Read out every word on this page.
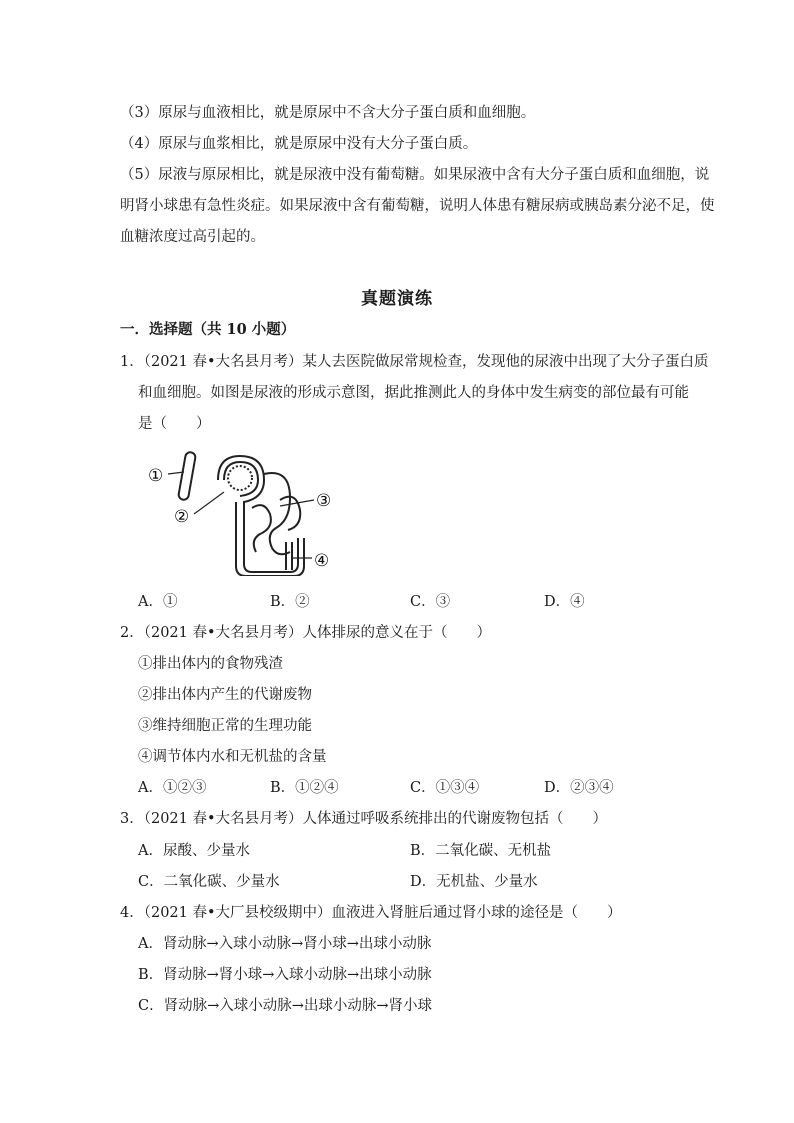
（3）原尿与血液相比，就是原尿中不含大分子蛋白质和血细胞。
（4）原尿与血浆相比，就是原尿中没有大分子蛋白质。
（5）尿液与原尿相比，就是尿液中没有葡萄糖。如果尿液中含有大分子蛋白质和血细胞，说
明肾小球患有急性炎症。如果尿液中含有葡萄糖，说明人体患有糖尿病或胰岛素分泌不足，使
血糖浓度过高引起的。
真题演练
一．选择题（共 10 小题）
1．（2021 春•大名县月考）某人去医院做尿常规检查，发现他的尿液中出现了大分子蛋白质
和血细胞。如图是尿液的形成示意图，据此推测此人的身体中发生病变的部位最有可能
是（　　）
①
②
③
④
A．①	B．②	C．③	D．④
2．（2021 春•大名县月考）人体排尿的意义在于（　　）
①排出体内的食物残渣
②排出体内产生的代谢废物
③维持细胞正常的生理功能
④调节体内水和无机盐的含量
A．①②③	B．①②④	C．①③④	D．②③④
3．（2021 春•大名县月考）人体通过呼吸系统排出的代谢废物包括（　　）
A．尿酸、少量水	B．二氧化碳、无机盐
C．二氧化碳、少量水	D．无机盐、少量水
4．（2021 春•大厂县校级期中）血液进入肾脏后通过肾小球的途径是（　　）
A．肾动脉→入球小动脉→肾小球→出球小动脉
B．肾动脉→肾小球→入球小动脉→出球小动脉
C．肾动脉→入球小动脉→出球小动脉→肾小球
